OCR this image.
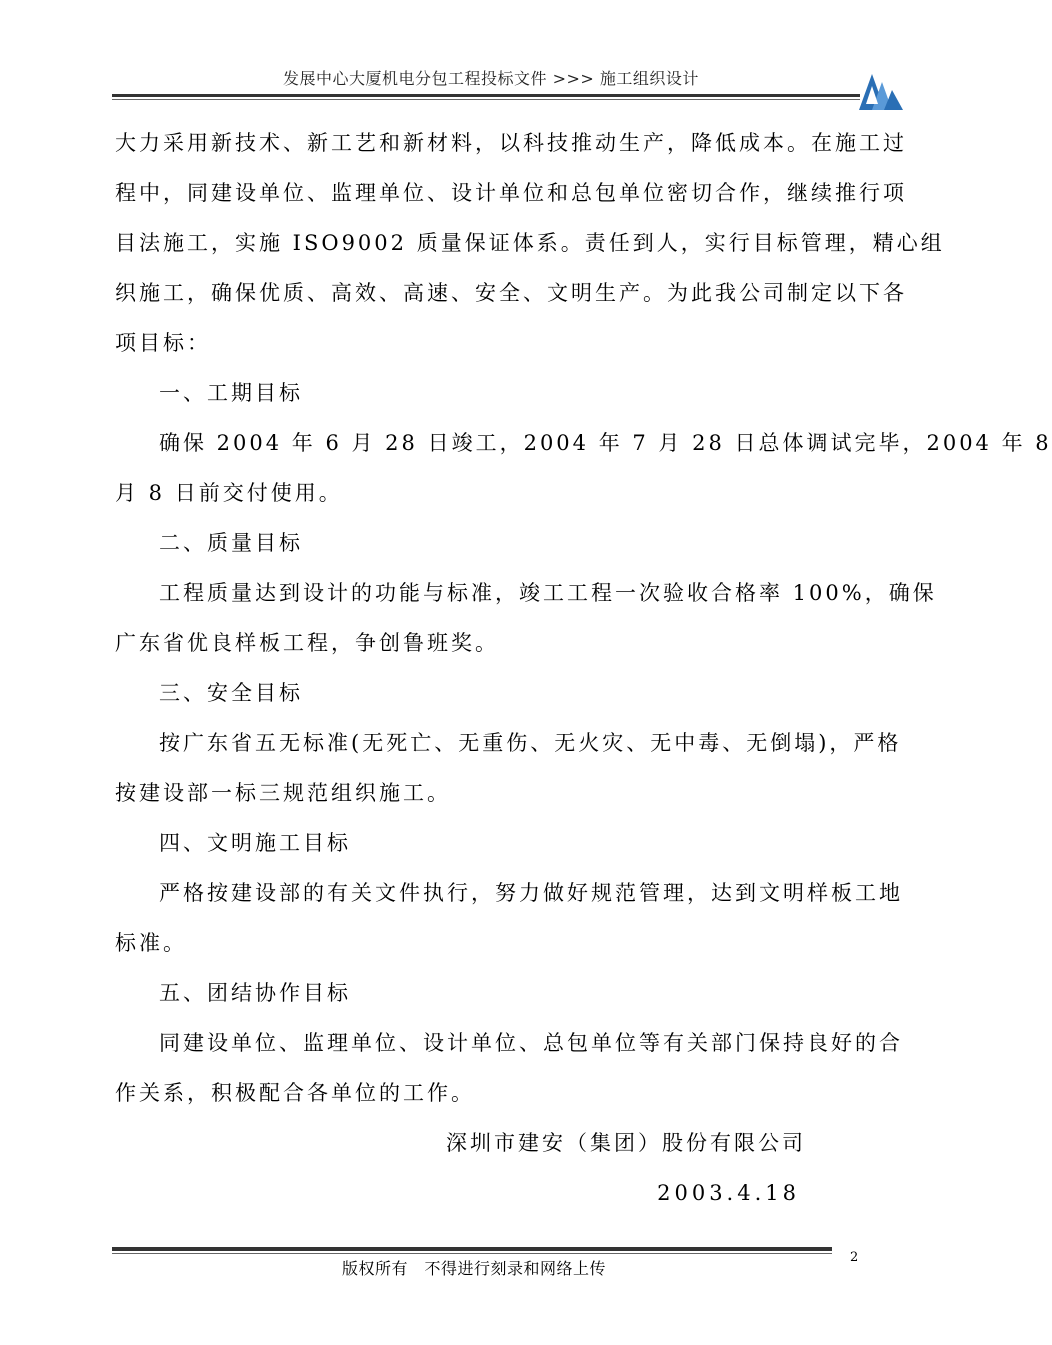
发展中心大厦机电分包工程投标文件 >>> 施工组织设计
大力采用新技术、新工艺和新材料，以科技推动生产，降低成本。在施工过
程中，同建设单位、监理单位、设计单位和总包单位密切合作，继续推行项
目法施工，实施 ISO9002 质量保证体系。责任到人，实行目标管理，精心组
织施工，确保优质、高效、高速、安全、文明生产。为此我公司制定以下各
项目标：
一、工期目标
确保 2004 年 6 月 28 日竣工，2004 年 7 月 28 日总体调试完毕，2004 年 8
月 8 日前交付使用。
二、质量目标
工程质量达到设计的功能与标准，竣工工程一次验收合格率 100%，确保
广东省优良样板工程，争创鲁班奖。
三、安全目标
按广东省五无标准(无死亡、无重伤、无火灾、无中毒、无倒塌)，严格
按建设部一标三规范组织施工。
四、文明施工目标
严格按建设部的有关文件执行，努力做好规范管理，达到文明样板工地
标准。
五、团结协作目标
同建设单位、监理单位、设计单位、总包单位等有关部门保持良好的合
作关系，积极配合各单位的工作。
深圳市建安（集团）股份有限公司
2003.4.18
2
版权所有　不得进行刻录和网络上传
